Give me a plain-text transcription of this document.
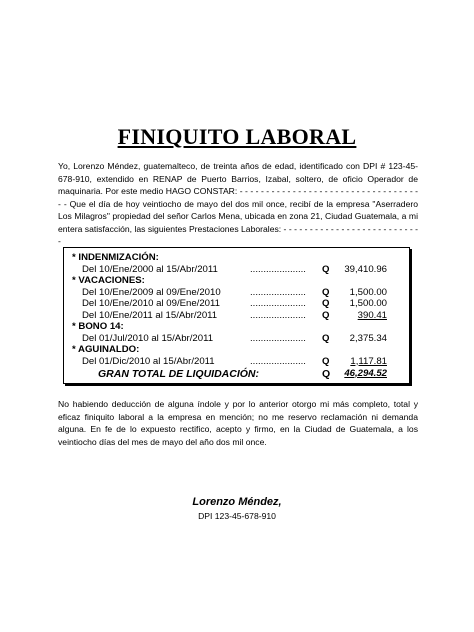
FINIQUITO LABORAL
Yo, Lorenzo Méndez, guatemalteco, de treinta años de edad, identificado con DPI # 123-45-678-910, extendido en RENAP de Puerto Barrios, Izabal, soltero, de oficio Operador de maquinaria. Por este medio HAGO CONSTAR: - - - - - - - - - - - - - - - - - - - - - - - - - - - - - - - - - - - - Que el día de hoy veintiocho de mayo del dos mil once, recibí de la empresa "Aserradero Los Milagros" propiedad del señor Carlos Mena, ubicada en zona 21, Ciudad Guatemala, a mi entera satisfacción, las siguientes Prestaciones Laborales: - - - - - - - - - - - - - - - - - - - - - - - - - - -
* INDENMIZACIÓN:
Del 10/Ene/2000 al 15/Abr/2011	..................... Q 39,410.96
* VACACIONES:
Del 10/Ene/2009 al 09/Ene/2010	..................... Q 1,500.00
Del 10/Ene/2010 al 09/Ene/2011	..................... Q 1,500.00
Del 10/Ene/2011 al 15/Abr/2011	..................... Q	390.41
* BONO 14:
Del 01/Jul/2010 al 15/Abr/2011	..................... Q 2,375.34
* AGUINALDO:
Del 01/Dic/2010 al 15/Abr/2011	..................... Q 1,117.81
GRAN TOTAL DE LIQUIDACIÓN:	Q 46,294.52
No habiendo deducción de alguna índole y por lo anterior otorgo mi más completo, total y eficaz finiquito laboral a la empresa en mención; no me reservo reclamación ni demanda alguna. En fe de lo expuesto rectifico, acepto y firmo, en la Ciudad de Guatemala, a los veintiocho días del mes de mayo del año dos mil once.
Lorenzo Méndez,
DPI 123-45-678-910
